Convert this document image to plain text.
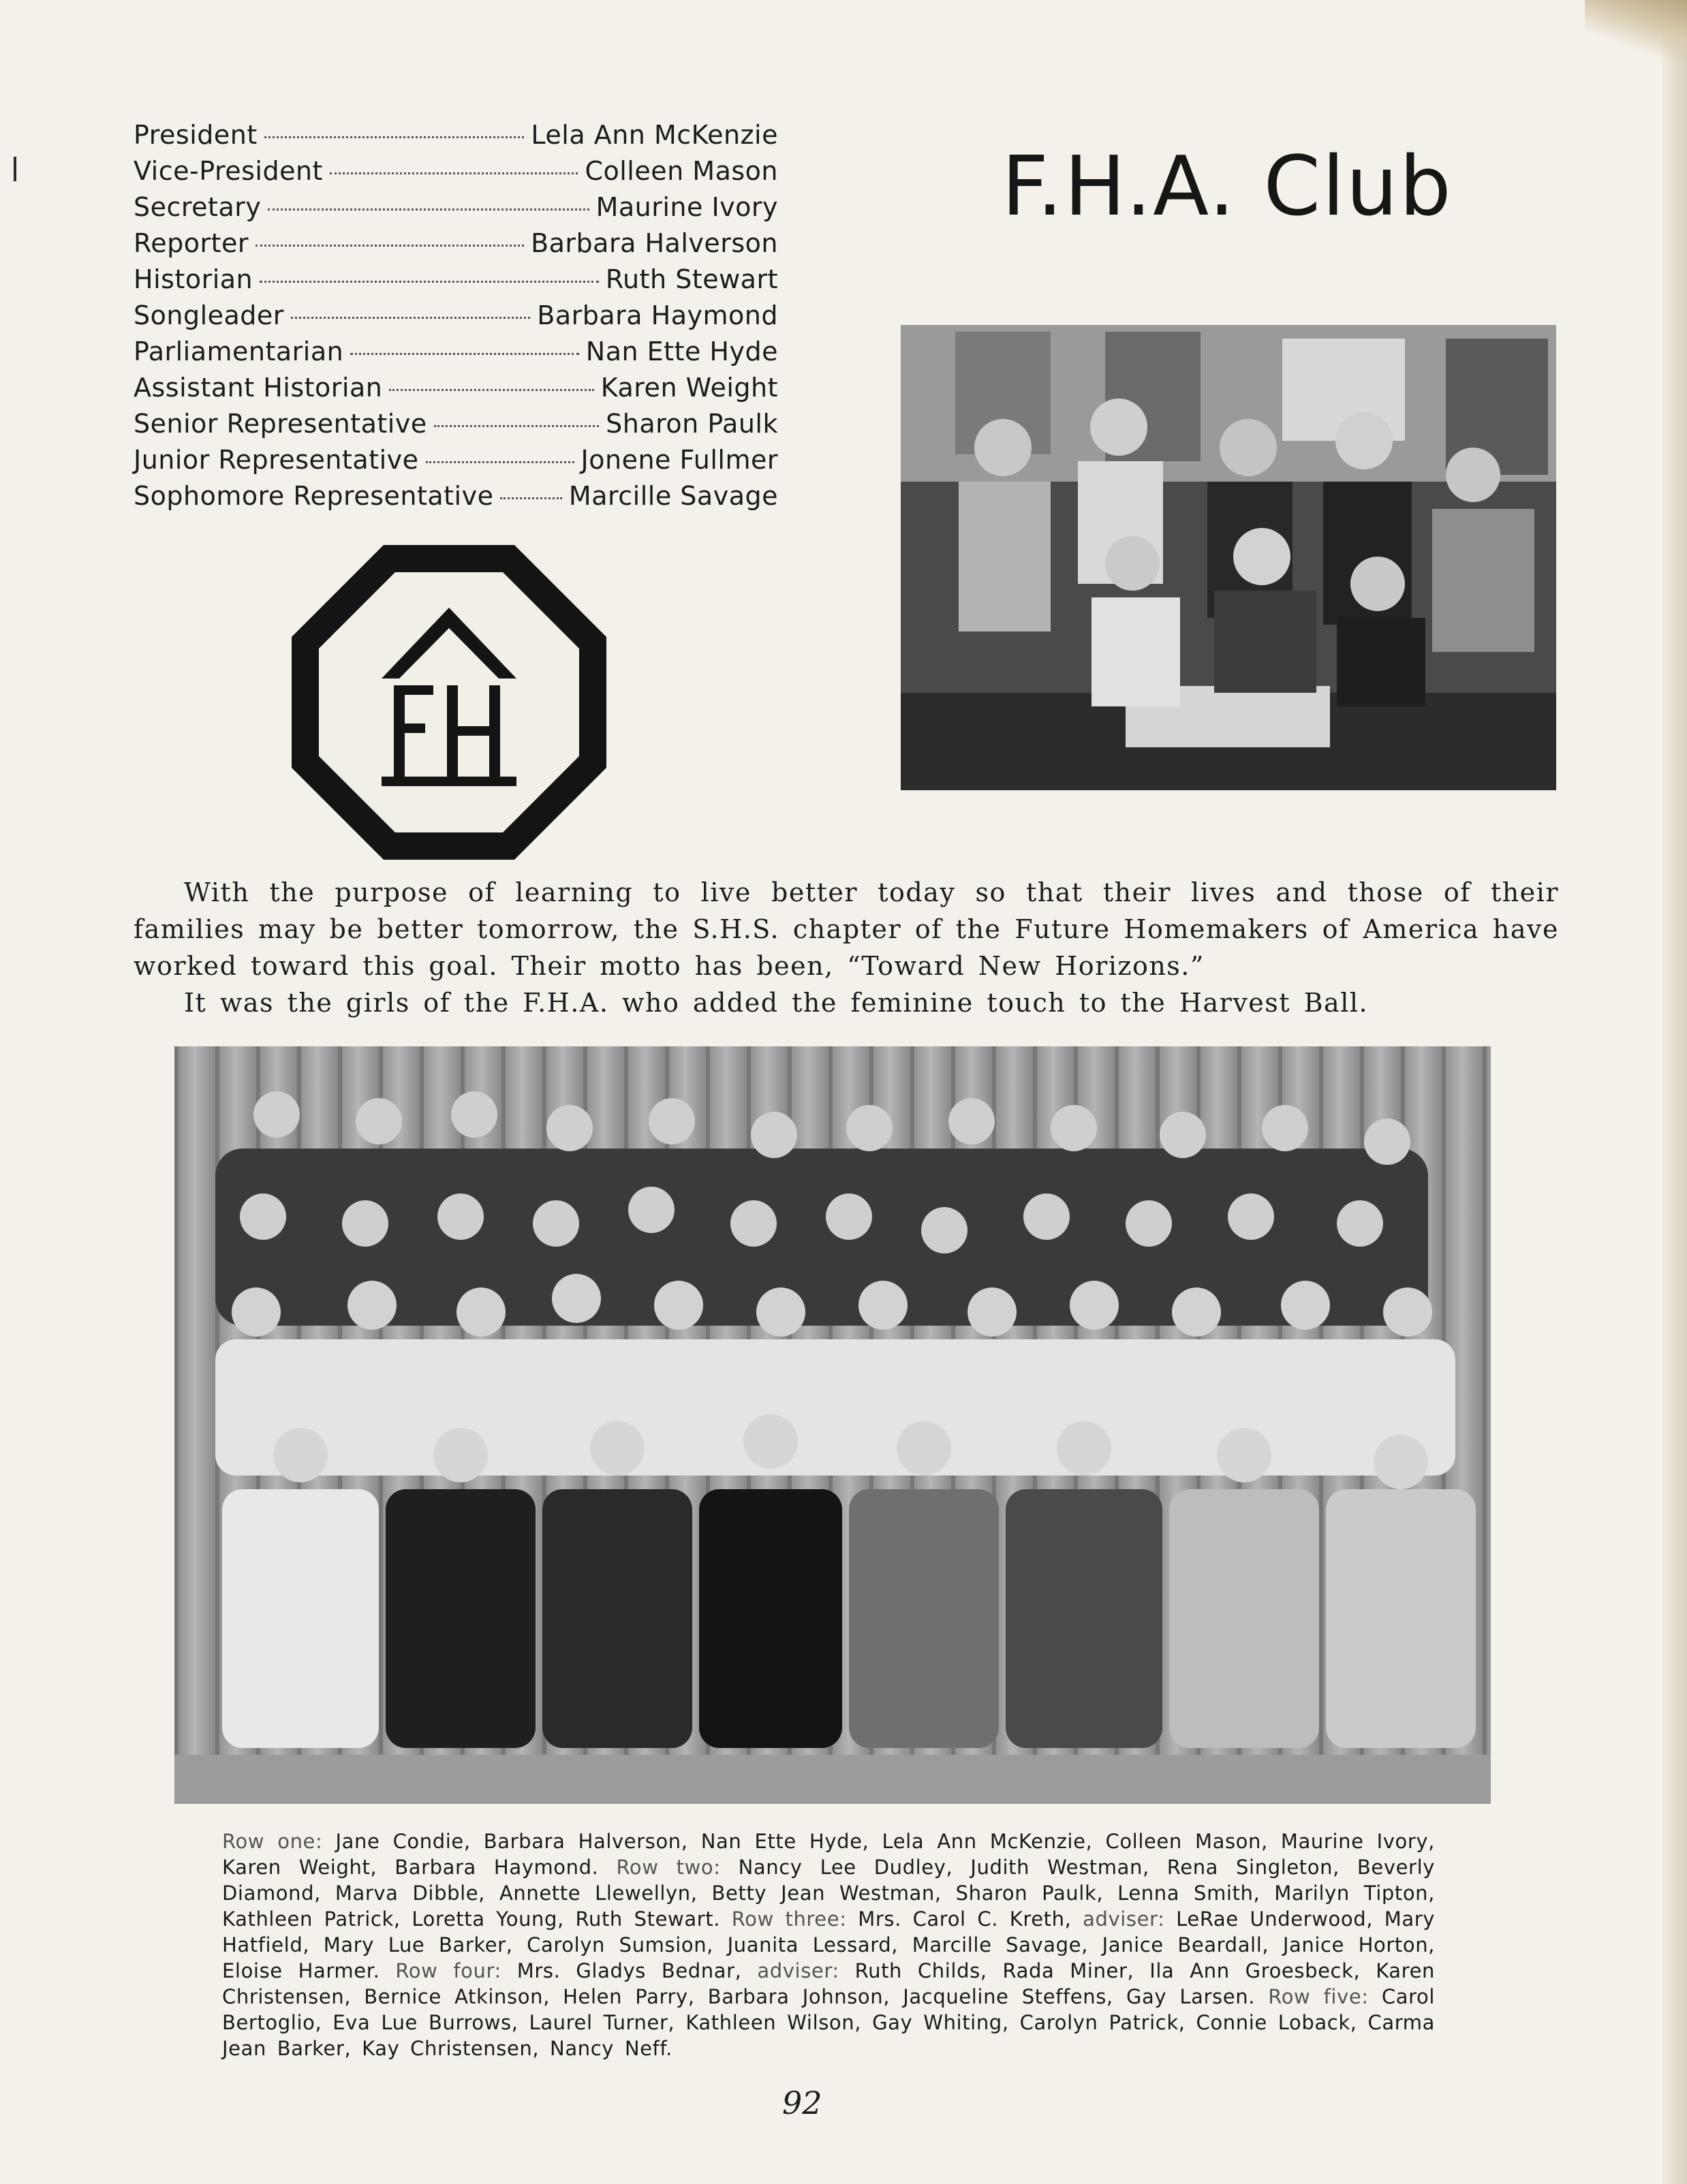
President	Lela Ann McKenzie
Vice-President	Colleen Mason
Secretary	Maurine Ivory
Reporter	Barbara Halverson
Historian	Ruth Stewart
Songleader	Barbara Haymond
Parliamentarian	Nan Ette Hyde
Assistant Historian	Karen Weight
Senior Representative	Sharon Paulk
Junior Representative	Jonene Fullmer
Sophomore Representative	Marcille Savage
F.H.A. Club

With the purpose of learning to live better today so that their lives and those of their families may be better tomorrow, the S.H.S. chapter of the Future Homemakers of America have worked toward this goal. Their motto has been, “Toward New Horizons.”

It was the girls of the F.H.A. who added the feminine touch to the Harvest Ball.

Row one: Jane Condie, Barbara Halverson, Nan Ette Hyde, Lela Ann McKenzie, Colleen Mason, Maurine Ivory, Karen Weight, Barbara Haymond. Row two: Nancy Lee Dudley, Judith Westman, Rena Singleton, Beverly Diamond, Marva Dibble, Annette Llewellyn, Betty Jean Westman, Sharon Paulk, Lenna Smith, Marilyn Tipton, Kathleen Patrick, Loretta Young, Ruth Stewart. Row three: Mrs. Carol C. Kreth, adviser: LeRae Underwood, Mary Hatfield, Mary Lue Barker, Carolyn Sumsion, Juanita Lessard, Marcille Savage, Janice Beardall, Janice Horton, Eloise Harmer. Row four: Mrs. Gladys Bednar, adviser: Ruth Childs, Rada Miner, Ila Ann Groesbeck, Karen Christensen, Bernice Atkinson, Helen Parry, Barbara Johnson, Jacqueline Steffens, Gay Larsen. Row five: Carol Bertoglio, Eva Lue Burrows, Laurel Turner, Kathleen Wilson, Gay Whiting, Carolyn Patrick, Connie Loback, Carma Jean Barker, Kay Christensen, Nancy Neff.
92
